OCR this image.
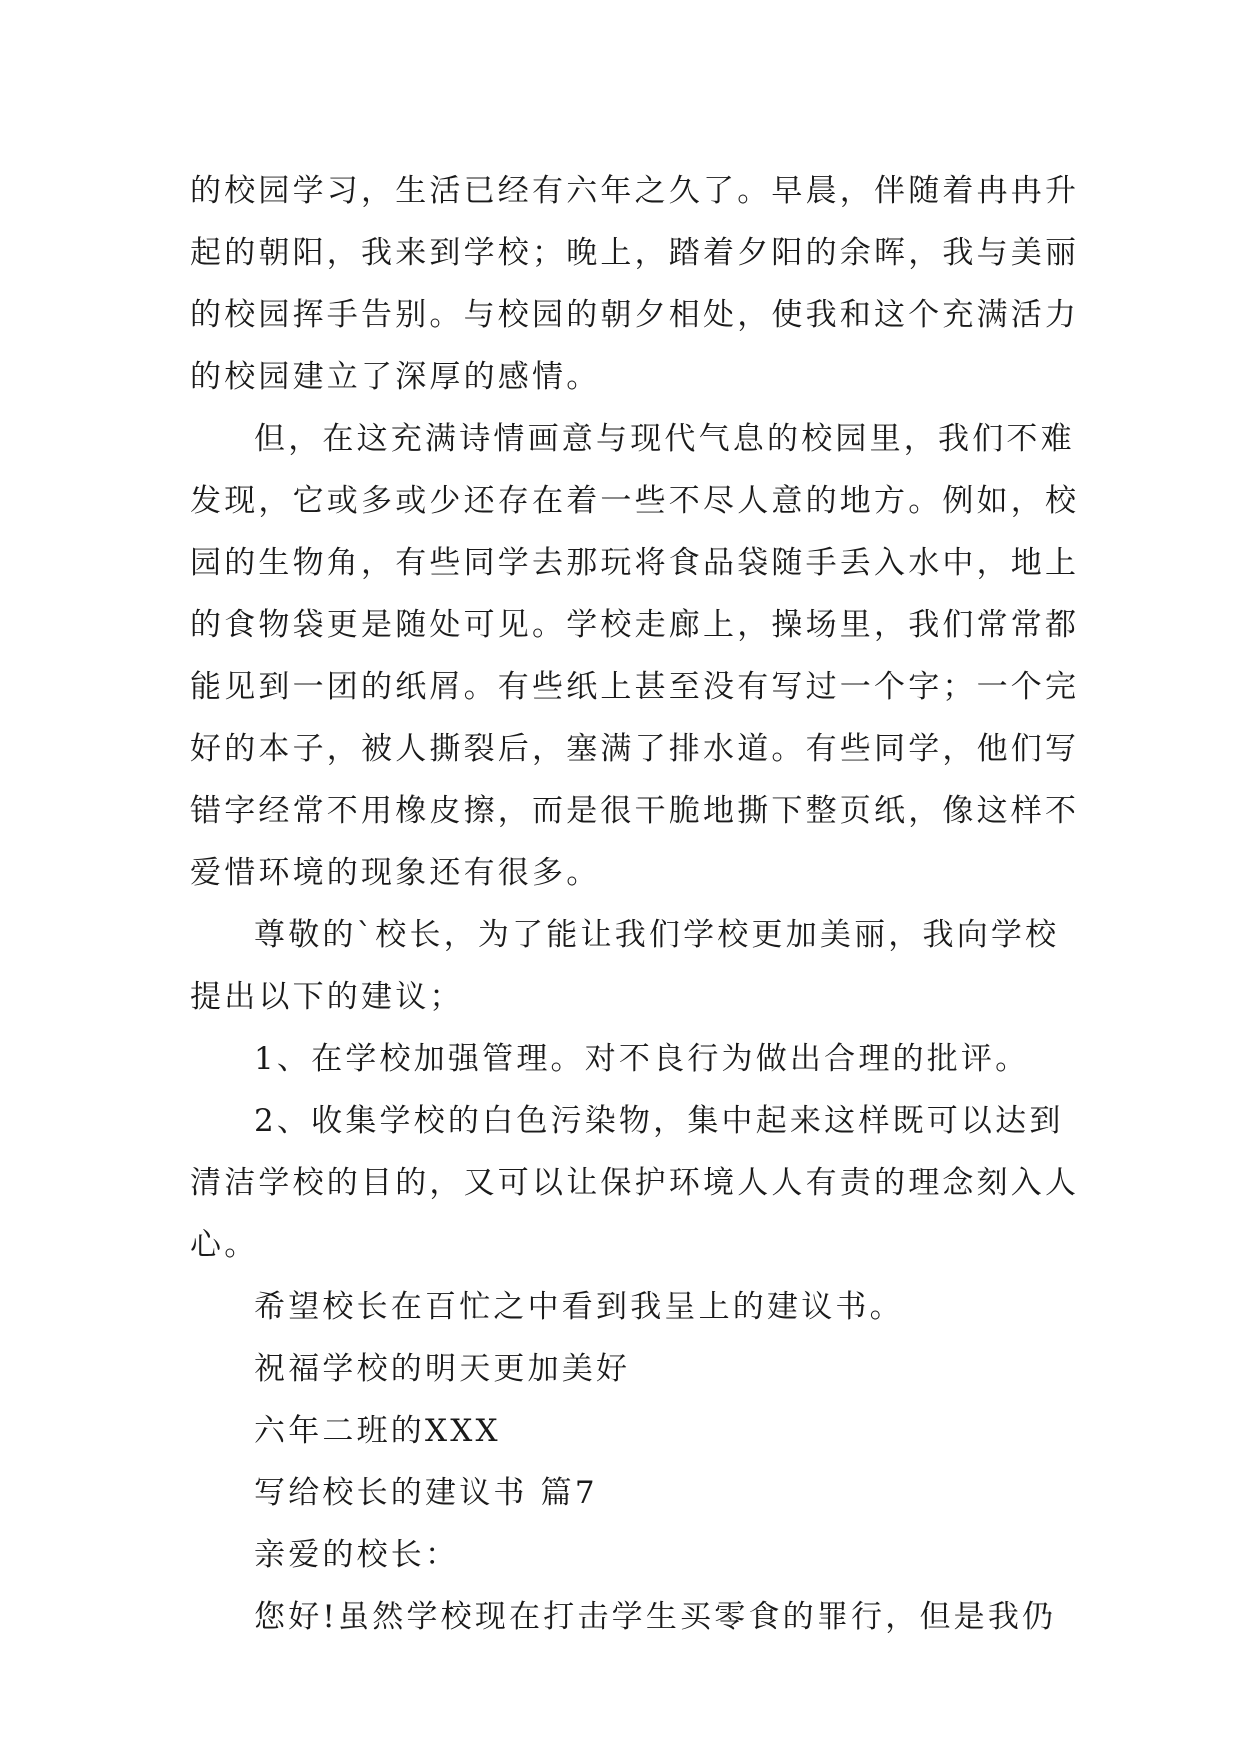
的校园学习，生活已经有六年之久了。早晨，伴随着冉冉升
起的朝阳，我来到学校；晚上，踏着夕阳的余晖，我与美丽
的校园挥手告别。与校园的朝夕相处，使我和这个充满活力
的校园建立了深厚的感情。
但，在这充满诗情画意与现代气息的校园里，我们不难
发现，它或多或少还存在着一些不尽人意的地方。例如，校
园的生物角，有些同学去那玩将食品袋随手丢入水中，地上
的食物袋更是随处可见。学校走廊上，操场里，我们常常都
能见到一团的纸屑。有些纸上甚至没有写过一个字；一个完
好的本子，被人撕裂后，塞满了排水道。有些同学，他们写
错字经常不用橡皮擦，而是很干脆地撕下整页纸，像这样不
爱惜环境的现象还有很多。
尊敬的`校长，为了能让我们学校更加美丽，我向学校
提出以下的建议；
1、在学校加强管理。对不良行为做出合理的批评。
2、收集学校的白色污染物，集中起来这样既可以达到
清洁学校的目的，又可以让保护环境人人有责的理念刻入人
心。
希望校长在百忙之中看到我呈上的建议书。
祝福学校的明天更加美好
六年二班的XXX
写给校长的建议书 篇7
亲爱的校长：
您好!虽然学校现在打击学生买零食的罪行，但是我仍
